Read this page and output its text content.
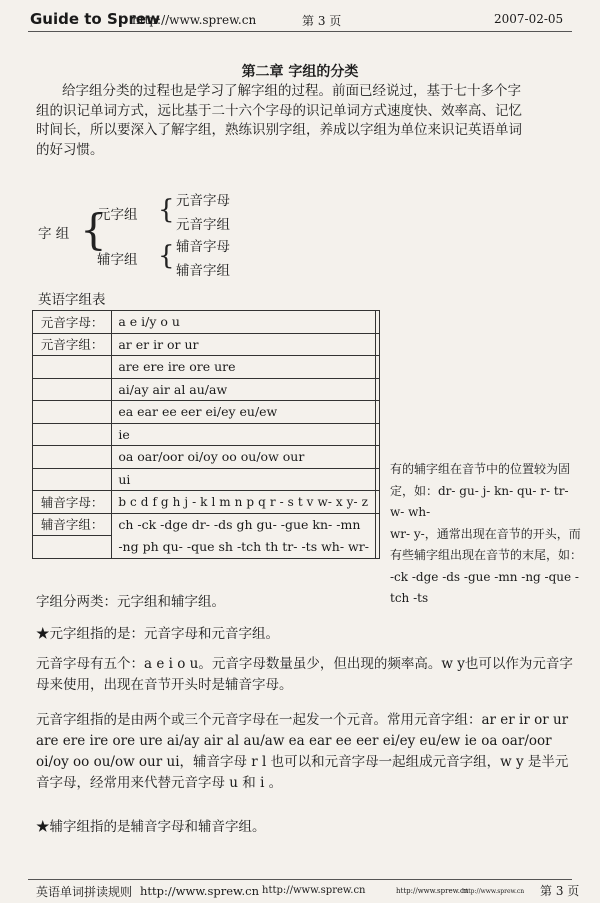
Guide to Sprew
http://www.sprew.cn	第 3 页	2007-02-05
第二章 字组的分类
给字组分类的过程也是学习了解字组的过程。前面已经说过，基于七十多个字
组的识记单词方式，远比基于二十六个字母的识记单词方式速度快、效率高、记忆
时间长，所以要深入了解字组，熟练识别字组，养成以字组为单位来识记英语单词
的好习惯。
字 组 {
元字组 { 元音字母
元音字组
辅字组 { 辅音字母
辅音字组
英语字组表
元音字母：	a e i/y o u	
元音字组：	ar er ir or ur	
	are ere ire ore ure	
	ai/ay air al au/aw	
	ea ear ee eer ei/ey eu/ew	
	ie	
	oa oar/oor oi/oy oo ou/ow our	
	ui	
辅音字母：	b c d f g h j - k l m n p q r - s t v w- x y- z	
辅音字组：	ch -ck -dge dr- -ds gh gu- -gue kn- -mn	
	-ng ph qu- -que sh -tch th tr- -ts wh- wr-	
有的辅字组在音节中的位置较为固
定，如：dr- gu- j- kn- qu- r- tr- w- wh-
wr- y-，通常出现在音节的开头，而
有些辅字组出现在音节的末尾，如：
-ck -dge -ds -gue -mn -ng -que -tch -ts
字组分两类：元字组和辅字组。
★元字组指的是：元音字母和元音字组。
元音字母有五个：a e i o u。元音字母数量虽少，但出现的频率高。w y也可以作为元音字母来使用，出现在音节开头时是辅音字母。
元音字组指的是由两个或三个元音字母在一起发一个元音。常用元音字组：ar er ir or ur are ere ire ore ure ai/ay air al au/aw ea ear ee eer ei/ey eu/ew ie oa oar/oor oi/oy oo ou/ow our ui，辅音字母 r l 也可以和元音字母一起组成元音字组，w y 是半元音字母，经常用来代替元音字母 u 和 i 。
★辅字组指的是辅音字母和辅音字组。
英语单词拼读规则 http://www.sprew.cn http://www.sprew.cn	http://www.sprew.cn
http://www.sprew.cn 第 3 页
